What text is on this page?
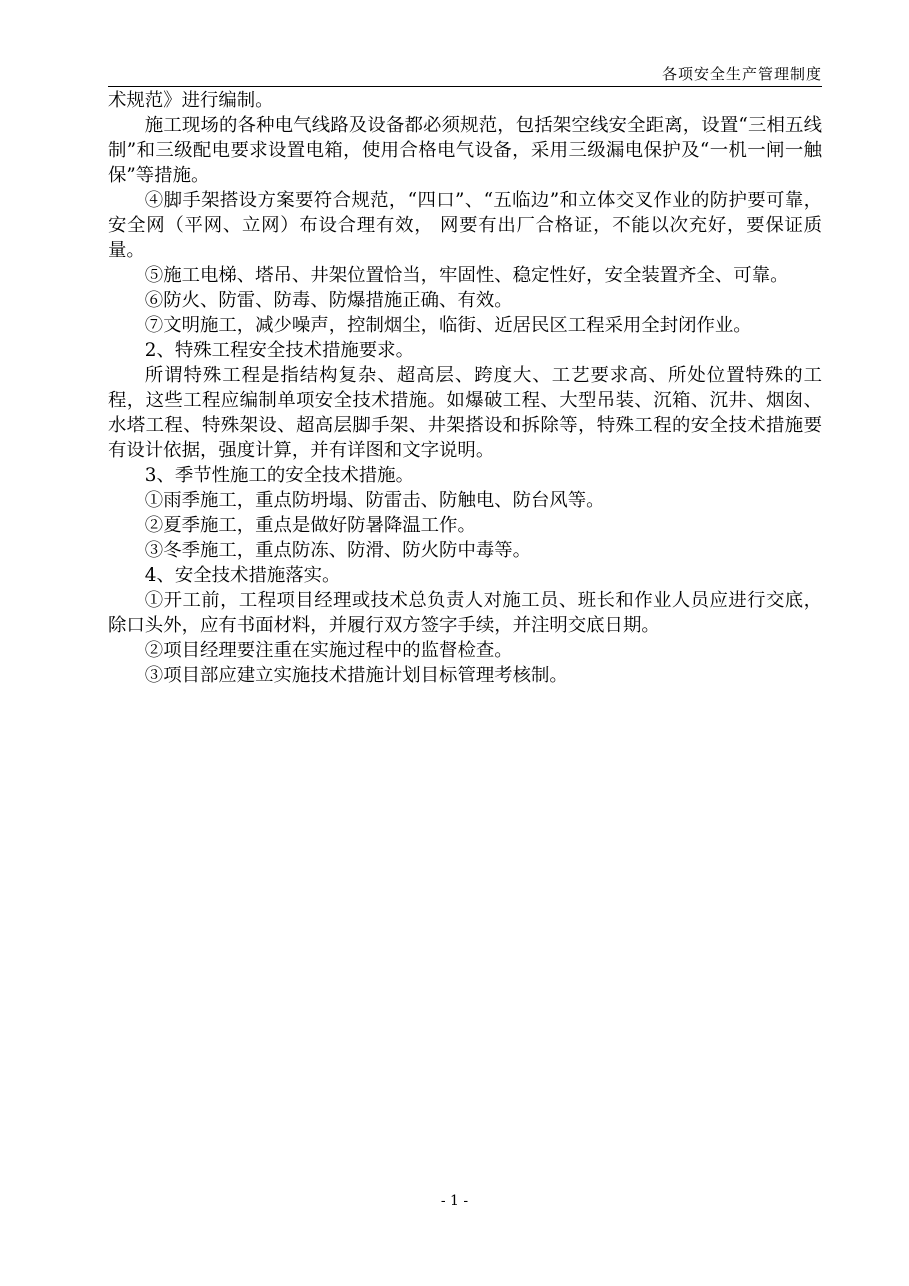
各项安全生产管理制度

术规范》进行编制。

施工现场的各种电气线路及设备都必须规范，包括架空线安全距离，设置“三相五线制”和三级配电要求设置电箱，使用合格电气设备，采用三级漏电保护及“一机一闸一触保”等措施。

④脚手架搭设方案要符合规范，“四口”、“五临边”和立体交叉作业的防护要可靠，安全网（平网、立网）布设合理有效， 网要有出厂合格证，不能以次充好，要保证质量。

⑤施工电梯、塔吊、井架位置恰当，牢固性、稳定性好，安全装置齐全、可靠。

⑥防火、防雷、防毒、防爆措施正确、有效。

⑦文明施工，减少噪声，控制烟尘，临街、近居民区工程采用全封闭作业。

2、特殊工程安全技术措施要求。

所谓特殊工程是指结构复杂、超高层、跨度大、工艺要求高、所处位置特殊的工程，这些工程应编制单项安全技术措施。如爆破工程、大型吊装、沉箱、沉井、烟囱、水塔工程、特殊架设、超高层脚手架、井架搭设和拆除等，特殊工程的安全技术措施要有设计依据，强度计算，并有详图和文字说明。

3、季节性施工的安全技术措施。

①雨季施工，重点防坍塌、防雷击、防触电、防台风等。

②夏季施工，重点是做好防暑降温工作。

③冬季施工，重点防冻、防滑、防火防中毒等。

4、安全技术措施落实。

①开工前，工程项目经理或技术总负责人对施工员、班长和作业人员应进行交底，除口头外，应有书面材料，并履行双方签字手续，并注明交底日期。

②项目经理要注重在实施过程中的监督检查。

③项目部应建立实施技术措施计划目标管理考核制。

- 1 -
